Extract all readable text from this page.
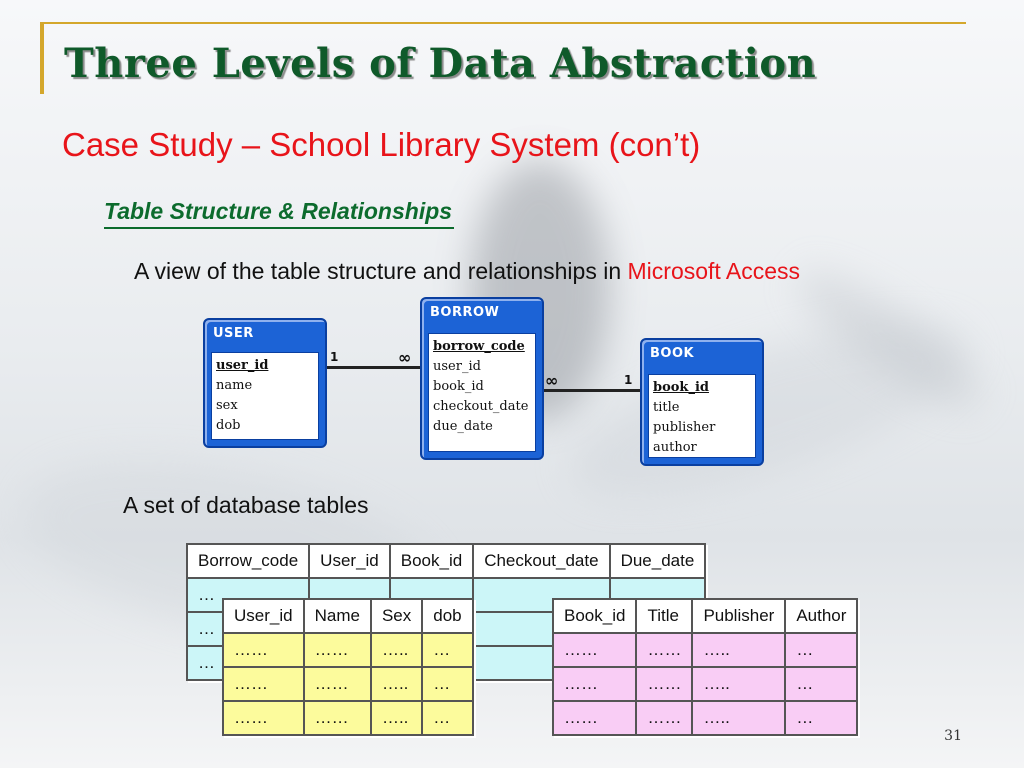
Three Levels of Data Abstraction
Case Study – School Library System (con’t)
Table Structure & Relationships
A view of the table structure and relationships in Microsoft Access
1	∞
∞	1
USER
user_id
name
sex
dob
BORROW
borrow_code
user_id
book_id
checkout_date
due_date
BOOK
book_id
title
publisher
author
A set of database tables
Borrow_code	User_id	Book_id	Checkout_date	Due_date
…				
…				
…				
User_id	Name	Sex	dob
……	……	…..	…
……	……	…..	…
……	……	…..	…
Book_id	Title	Publisher	Author
……	……	…..	…
……	……	…..	…
……	……	…..	…
31
